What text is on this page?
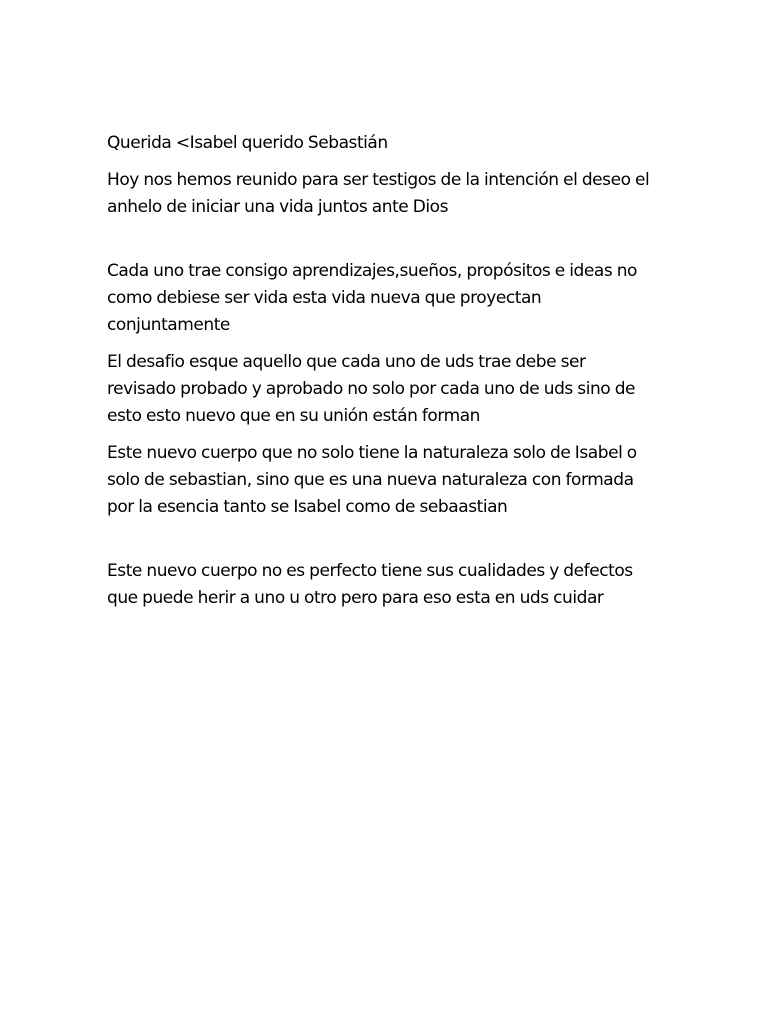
Querida <Isabel querido Sebastián

Hoy nos hemos reunido para ser testigos de la intención el deseo el
anhelo de iniciar una vida juntos ante Dios

Cada uno trae consigo aprendizajes,sueños, propósitos e ideas no
como debiese ser vida esta vida nueva que proyectan
conjuntamente

El desafio esque aquello que cada uno de uds trae debe ser
revisado probado y aprobado no solo por cada uno de uds sino de
esto esto nuevo que en su unión están forman

Este nuevo cuerpo que no solo tiene la naturaleza solo de Isabel o
solo de sebastian, sino que es una nueva naturaleza con formada
por la esencia tanto se Isabel como de sebaastian

Este nuevo cuerpo no es perfecto tiene sus cualidades y defectos
que puede herir a uno u otro pero para eso esta en uds cuidar
